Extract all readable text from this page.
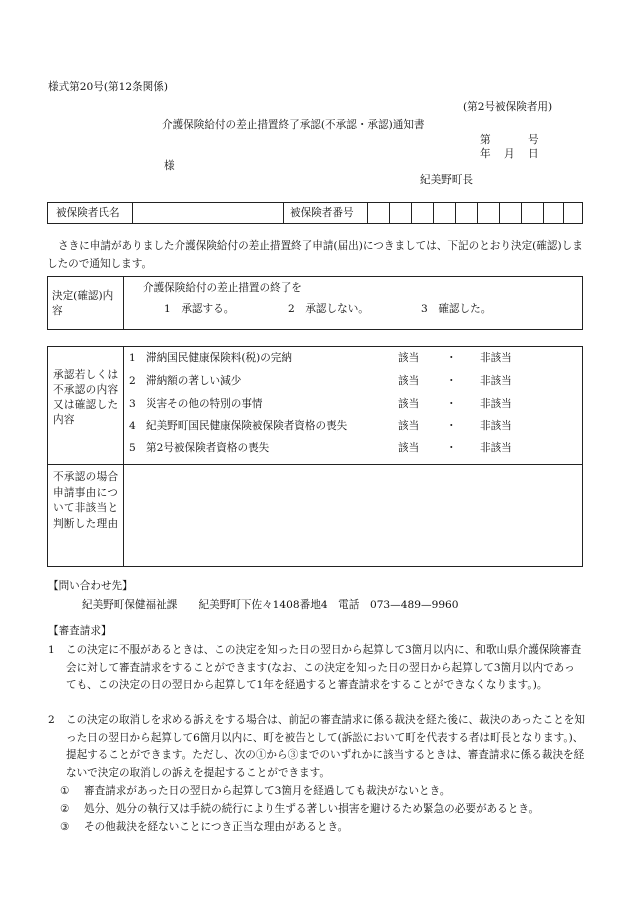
様式第20号(第12条関係)
(第2号被保険者用)
介護保険給付の差止措置終了承認(不承認・承認)通知書
第	号
年 月 日
様
紀美野町長
被保険者氏名	被保険者番号
さきに申請がありました介護保険給付の差止措置終了申請(届出)につきましては、下記のとおり決定(確認)しましたので通知します。
決定(確認)内容
介護保険給付の差止措置の終了を
1　承認する。	2　承認しない。	3　確認した。
承認若しくは不承認の内容又は確認した内容
1 滞納国民健康保険料(税)の完納	該当	・ 非該当
2 滞納額の著しい減少	該当	・ 非該当
3 災害その他の特別の事情	該当	・ 非該当
4 紀美野町国民健康保険被保険者資格の喪失	該当	・ 非該当
5 第2号被保険者資格の喪失	該当	・ 非該当
不承認の場合申請事由について非該当と判断した理由
【問い合わせ先】
紀美野町保健福祉課　　紀美野町下佐々1408番地4　電話　073—489—9960
【審査請求】
1 この決定に不服があるときは、この決定を知った日の翌日から起算して3箇月以内に、和歌山県介護保険審査会に対して審査請求をすることができます(なお、この決定を知った日の翌日から起算して3箇月以内であっても、この決定の日の翌日から起算して1年を経過すると審査請求をすることができなくなります。)。
2 この決定の取消しを求める訴えをする場合は、前記の審査請求に係る裁決を経た後に、裁決のあったことを知った日の翌日から起算して6箇月以内に、町を被告として(訴訟において町を代表する者は町長となります。)、提起することができます。ただし、次の①から③までのいずれかに該当するときは、審査請求に係る裁決を経ないで決定の取消しの訴えを提起することができます。
① 審査請求があった日の翌日から起算して3箇月を経過しても裁決がないとき。
② 処分、処分の執行又は手続の続行により生ずる著しい損害を避けるため緊急の必要があるとき。
③ その他裁決を経ないことにつき正当な理由があるとき。
